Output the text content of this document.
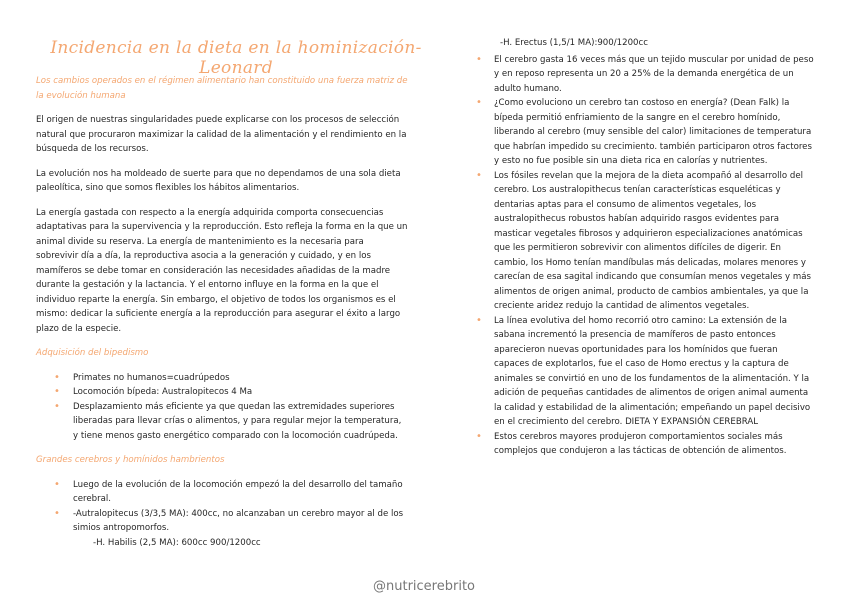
Incidencia en la dieta en la hominización- Leonard
Los cambios operados en el régimen alimentario han constituido una fuerza matriz de la evolución humana

El origen de nuestras singularidades puede explicarse con los procesos de selección natural que procuraron maximizar la calidad de la alimentación y el rendimiento en la búsqueda de los recursos.

La evolución nos ha moldeado de suerte para que no dependamos de una sola dieta paleolítica, sino que somos flexibles los hábitos alimentarios.

La energía gastada con respecto a la energía adquirida comporta consecuencias adaptativas para la supervivencia y la reproducción. Esto refleja la forma en la que un animal divide su reserva. La energía de mantenimiento es la necesaria para sobrevivir día a día, la reproductiva asocia a la generación y cuidado, y en los mamíferos se debe tomar en consideración las necesidades añadidas de la madre durante la gestación y la lactancia. Y el entorno influye en la forma en la que el individuo reparte la energía. Sin embargo, el objetivo de todos los organismos es el mismo: dedicar la suficiente energía a la reproducción para asegurar el éxito a largo plazo de la especie.

Adquisición del bipedismo
• Primates no humanos=cuadrúpedos
• Locomoción bípeda: Australopitecos 4 Ma
• Desplazamiento más eficiente ya que quedan las extremidades superiores liberadas para llevar crías o alimentos, y para regular mejor la temperatura, y tiene menos gasto energético comparado con la locomoción cuadrúpeda.
Grandes cerebros y homínidos hambrientos
• Luego de la evolución de la locomoción empezó la del desarrollo del tamaño cerebral.
• -Autralopitecus (3/3,5 MA): 400cc, no alcanzaban un cerebro mayor al de los simios antropomorfos.
-H. Habilis (2,5 MA): 600cc 900/1200cc
-H. Erectus (1,5/1 MA):900/1200cc
• El cerebro gasta 16 veces más que un tejido muscular por unidad de peso y en reposo representa un 20 a 25% de la demanda energética de un adulto humano.
• ¿Como evoluciono un cerebro tan costoso en energía? (Dean Falk) la bípeda permitió enfriamiento de la sangre en el cerebro homínido, liberando al cerebro (muy sensible del calor) limitaciones de temperatura que habrían impedido su crecimiento. también participaron otros factores y esto no fue posible sin una dieta rica en calorías y nutrientes.
• Los fósiles revelan que la mejora de la dieta acompañó al desarrollo del cerebro. Los australopithecus tenían características esqueléticas y dentarias aptas para el consumo de alimentos vegetales, los australopithecus robustos habían adquirido rasgos evidentes para masticar vegetales fibrosos y adquirieron especializaciones anatómicas que les permitieron sobrevivir con alimentos difíciles de digerir. En cambio, los Homo tenían mandíbulas más delicadas, molares menores y carecían de esa sagital indicando que consumían menos vegetales y más alimentos de origen animal, producto de cambios ambientales, ya que la creciente aridez redujo la cantidad de alimentos vegetales.
• La línea evolutiva del homo recorrió otro camino: La extensión de la sabana incrementó la presencia de mamíferos de pasto entonces aparecieron nuevas oportunidades para los homínidos que fueran capaces de explotarlos, fue el caso de Homo erectus y la captura de animales se convirtió en uno de los fundamentos de la alimentación. Y la adición de pequeñas cantidades de alimentos de origen animal aumenta la calidad y estabilidad de la alimentación; empeñando un papel decisivo en el crecimiento del cerebro. DIETA Y EXPANSIÓN CEREBRAL
• Estos cerebros mayores produjeron comportamientos sociales más complejos que condujeron a las tácticas de obtención de alimentos.
@nutricerebrito
